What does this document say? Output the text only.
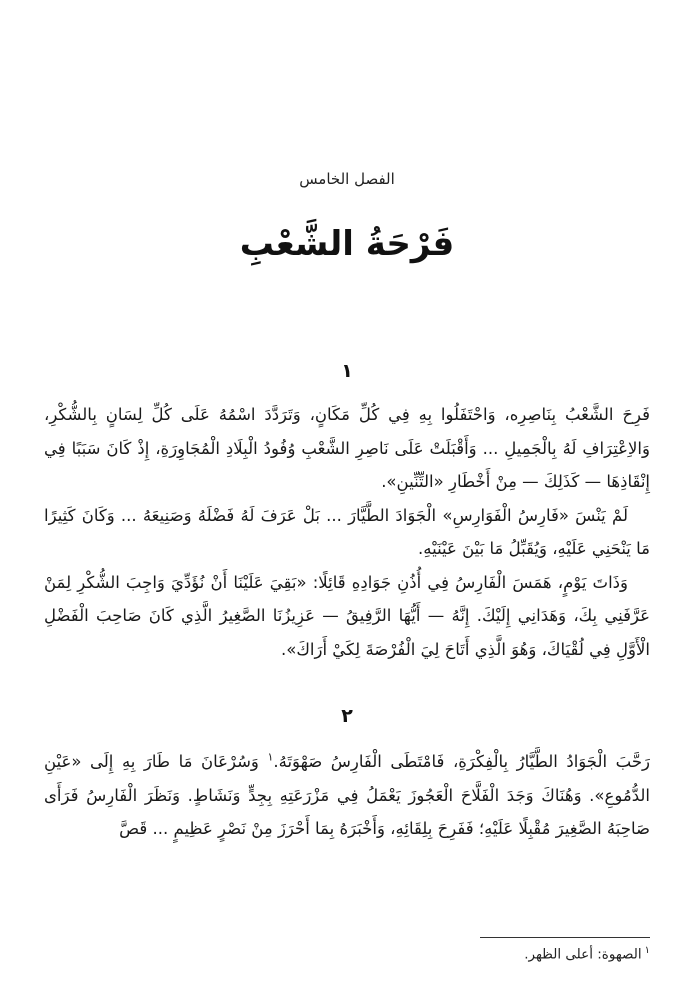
الفصل الخامس
فَرْحَةُ الشَّعْبِ
١

فَرِحَ الشَّعْبُ بِنَاصِرِه، وَاحْتَفَلُوا بِهِ فِي كُلِّ مَكَانٍ، وَتَرَدَّدَ اسْمُهُ عَلَى كُلِّ لِسَانٍ بِالشُّكْرِ، وَالاِعْتِرَافِ لَهُ بِالْجَمِيلِ ... وَأَقْبَلَتْ عَلَى نَاصِرِ الشَّعْبِ وُفُودُ الْبِلَادِ الْمُجَاوِرَةِ، إِذْ كَانَ سَبَبًا فِي إِنْقَاذِهَا — كَذَلِكَ — مِنْ أَخْطَارِ «التِّنِّينِ».

لَمْ يَنْسَ «فَارِسُ الْفَوَارِسِ» الْجَوَادَ الطَّيَّارَ ... بَلْ عَرَفَ لَهُ فَضْلَهُ وَصَنِيعَهُ ... وَكَانَ كَثِيرًا مَا يَنْحَنِي عَلَيْهِ، وَيُقَبِّلُ مَا بَيْنَ عَيْنَيْهِ.

وَذَاتَ يَوْمٍ، هَمَسَ الْفَارِسُ فِي أُذُنِ جَوَادِهِ قَائِلًا: «بَقِيَ عَلَيْنَا أَنْ نُؤَدِّيَ وَاجِبَ الشُّكْرِ لِمَنْ عَرَّفَنِي بِكَ، وَهَدَانِي إِلَيْكَ. إِنَّهُ — أَيُّهَا الرَّفِيقُ — عَزِيزُنَا الصَّغِيرُ الَّذِي كَانَ صَاحِبَ الْفَضْلِ الْأَوَّلِ فِي لُقْيَاكَ، وَهُوَ الَّذِي أَتَاحَ لِيَ الْفُرْصَةَ لِكَيْ أَرَاكَ».

٢

رَحَّبَ الْجَوَادُ الطَّيَّارُ بِالْفِكْرَةِ، فَامْتَطَى الْفَارِسُ صَهْوَتَهُ.$^١$ وَسُرْعَانَ مَا طَارَ بِهِ إِلَى «عَيْنِ الدُّمُوعِ». وَهُنَاكَ وَجَدَ الْفَلَّاحَ الْعَجُوزَ يَعْمَلُ فِي مَزْرَعَتِهِ بِجِدٍّ وَنَشَاطٍ. وَنَظَرَ الْفَارِسُ فَرَأَى صَاحِبَهُ الصَّغِيرَ مُقْبِلًا عَلَيْهِ؛ فَفَرِحَ بِلِقَائِهِ، وَأَخْبَرَهُ بِمَا أَحْرَزَ مِنْ نَصْرٍ عَظِيمٍ ... قَصَّ

$^١$الصهوة: أعلى الظهر.
